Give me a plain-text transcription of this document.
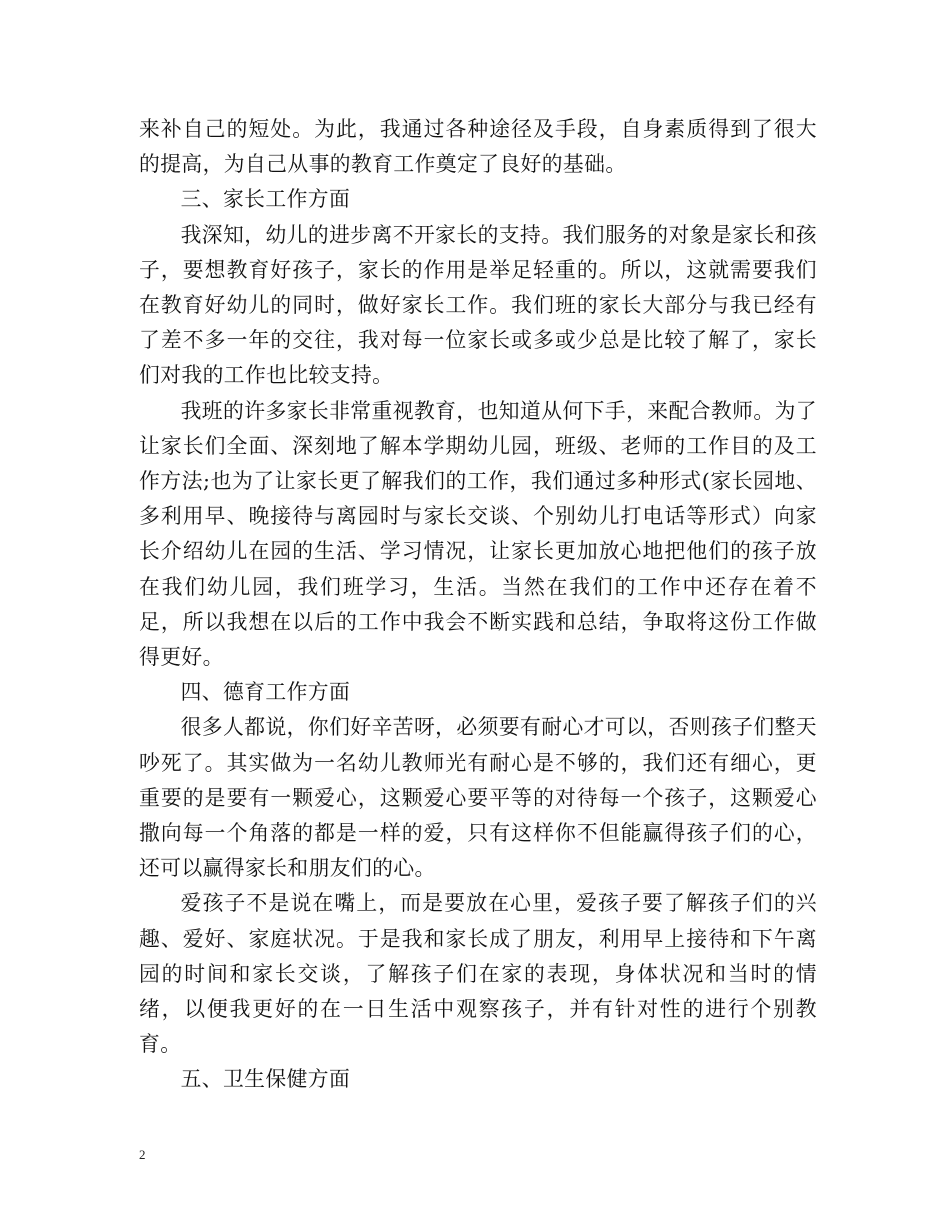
来补自己的短处。为此，我通过各种途径及手段，自身素质得到了很大的提高，为自己从事的教育工作奠定了良好的基础。

三、家长工作方面

我深知，幼儿的进步离不开家长的支持。我们服务的对象是家长和孩子，要想教育好孩子，家长的作用是举足轻重的。所以，这就需要我们在教育好幼儿的同时，做好家长工作。我们班的家长大部分与我已经有了差不多一年的交往，我对每一位家长或多或少总是比较了解了，家长们对我的工作也比较支持。

我班的许多家长非常重视教育，也知道从何下手，来配合教师。为了让家长们全面、深刻地了解本学期幼儿园，班级、老师的工作目的及工作方法;也为了让家长更了解我们的工作，我们通过多种形式(家长园地、多利用早、晚接待与离园时与家长交谈、个别幼儿打电话等形式）向家长介绍幼儿在园的生活、学习情况，让家长更加放心地把他们的孩子放在我们幼儿园，我们班学习，生活。当然在我们的工作中还存在着不足，所以我想在以后的工作中我会不断实践和总结，争取将这份工作做得更好。

四、德育工作方面

很多人都说，你们好辛苦呀，必须要有耐心才可以，否则孩子们整天吵死了。其实做为一名幼儿教师光有耐心是不够的，我们还有细心，更重要的是要有一颗爱心，这颗爱心要平等的对待每一个孩子，这颗爱心撒向每一个角落的都是一样的爱，只有这样你不但能赢得孩子们的心，还可以赢得家长和朋友们的心。

爱孩子不是说在嘴上，而是要放在心里，爱孩子要了解孩子们的兴趣、爱好、家庭状况。于是我和家长成了朋友，利用早上接待和下午离园的时间和家长交谈，了解孩子们在家的表现，身体状况和当时的情绪，以便我更好的在一日生活中观察孩子，并有针对性的进行个别教育。

五、卫生保健方面

2
